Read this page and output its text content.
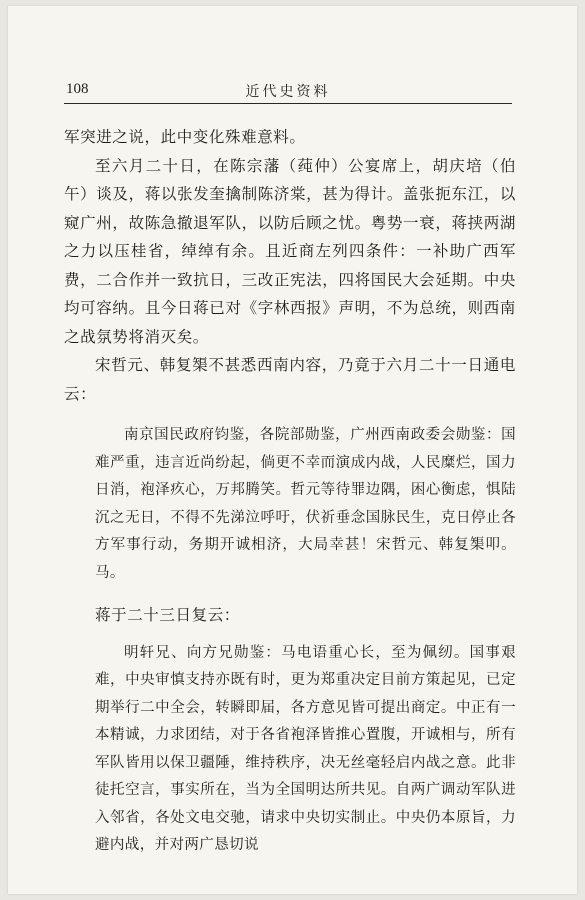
108	近代史资料

军突进之说，此中变化殊难意料。

至六月二十日，在陈宗藩（莼仲）公宴席上，胡庆培（伯午）谈及，蒋以张发奎擒制陈济棠，甚为得计。盖张扼东江，以窥广州，故陈急撤退军队，以防后顾之忧。粤势一衰，蒋挟两湖之力以压桂省，绰绰有余。且近商左列四条件：一补助广西军费，二合作并一致抗日，三改正宪法，四将国民大会延期。中央均可容纳。且今日蒋已对《字林西报》声明，不为总统，则西南之战氛势将消灭矣。

宋哲元、韩复榘不甚悉西南内容，乃竟于六月二十一日通电云：

南京国民政府钧鉴，各院部勋鉴，广州西南政委会勋鉴：国难严重，违言近尚纷起，倘更不幸而演成内战，人民糜烂，国力日消，袍泽疚心，万邦腾笑。哲元等待罪边隅，困心衡虑，惧陆沉之无日，不得不先涕泣呼吁，伏祈垂念国脉民生，克日停止各方军事行动，务期开诚相济，大局幸甚！宋哲元、韩复榘叩。马。

蒋于二十三日复云：

明轩兄、向方兄勋鉴：马电语重心长，至为佩纫。国事艰难，中央审慎支持亦既有时，更为郑重决定目前方策起见，已定期举行二中全会，转瞬即届，各方意见皆可提出商定。中正有一本精诚，力求团结，对于各省袍泽皆推心置腹，开诚相与，所有军队皆用以保卫疆陲，维持秩序，决无丝毫轻启内战之意。此非徒托空言，事实所在，当为全国明达所共见。自两广调动军队进入邻省，各处文电交驰，请求中央切实制止。中央仍本原旨，力避内战，并对两广恳切说
